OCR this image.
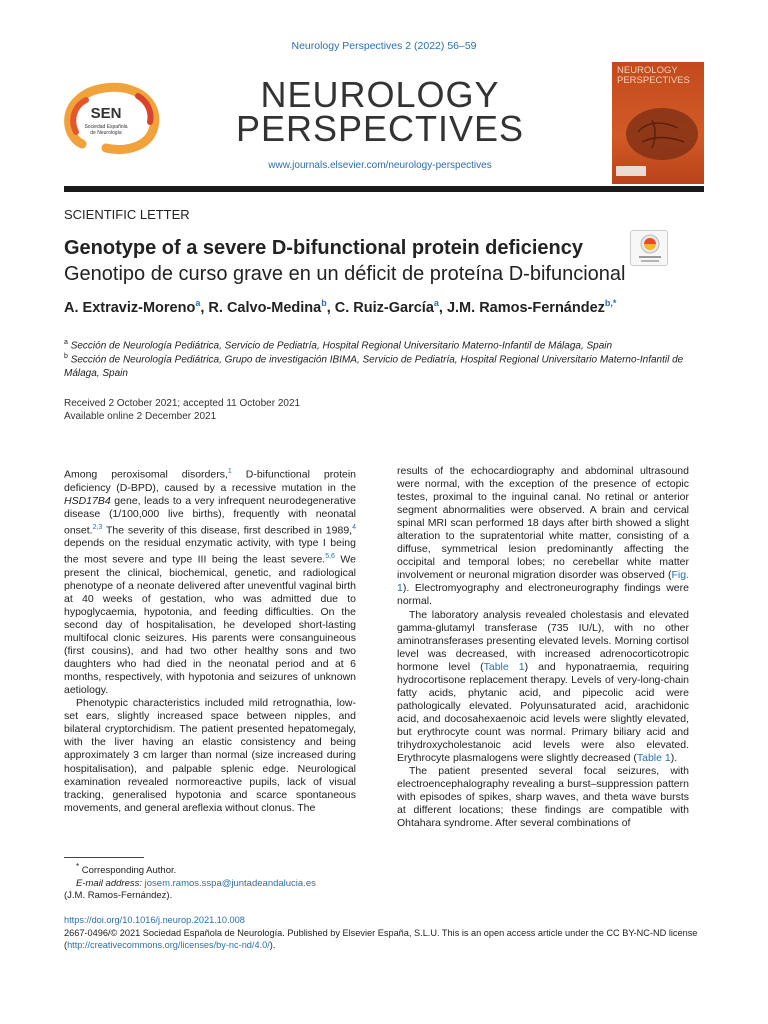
Neurology Perspectives 2 (2022) 56–59
SEN
Sociedad Española
de Neurología
NEUROLOGY
PERSPECTIVES
www.journals.elsevier.com/neurology-perspectives
NEUROLOGY
PERSPECTIVES
SCIENTIFIC LETTER
Genotype of a severe D-bifunctional protein deficiency
Genotipo de curso grave en un déficit de proteína D-bifuncional
A. Extraviz-Moreno$^a$, R. Calvo-Medina$^b$, C. Ruiz-García$^a$, J.M. Ramos-Fernández$^{b,*}$
$^a$ Sección de Neurología Pediátrica, Servicio de Pediatría, Hospital Regional Universitario Materno-Infantil de Málaga, Spain
$^b$ Sección de Neurología Pediátrica, Grupo de investigación IBIMA, Servicio de Pediatría, Hospital Regional Universitario Materno-Infantil de Málaga, Spain
Received 2 October 2021; accepted 11 October 2021
Available online 2 December 2021

Among peroxisomal disorders,$^1$ D-bifunctional protein deficiency (D-BPD), caused by a recessive mutation in the HSD17B4 gene, leads to a very infrequent neurodegenerative disease (1/100,000 live births), frequently with neonatal onset.$^{2,3}$ The severity of this disease, first described in 1989,$^4$ depends on the residual enzymatic activity, with type I being the most severe and type III being the least severe.$^{5,6}$ We present the clinical, biochemical, genetic, and radiological phenotype of a neonate delivered after uneventful vaginal birth at 40 weeks of gestation, who was admitted due to hypoglycaemia, hypotonia, and feeding difficulties. On the second day of hospitalisation, he developed short-lasting multifocal clonic seizures. His parents were consanguineous (first cousins), and had two other healthy sons and two daughters who had died in the neonatal period and at 6 months, respectively, with hypotonia and seizures of unknown aetiology.

Phenotypic characteristics included mild retrognathia, low-set ears, slightly increased space between nipples, and bilateral cryptorchidism. The patient presented hepatomegaly, with the liver having an elastic consistency and being approximately 3 cm larger than normal (size increased during hospitalisation), and palpable splenic edge. Neurological examination revealed normoreactive pupils, lack of visual tracking, generalised hypotonia and scarce spontaneous movements, and general areflexia without clonus. The

results of the echocardiography and abdominal ultrasound were normal, with the exception of the presence of ectopic testes, proximal to the inguinal canal. No retinal or anterior segment abnormalities were observed. A brain and cervical spinal MRI scan performed 18 days after birth showed a slight alteration to the supratentorial white matter, consisting of a diffuse, symmetrical lesion predominantly affecting the occipital and temporal lobes; no cerebellar white matter involvement or neuronal migration disorder was observed (Fig. 1). Electromyography and electroneurography findings were normal.

The laboratory analysis revealed cholestasis and elevated gamma-glutamyl transferase (735 IU/L), with no other aminotransferases presenting elevated levels. Morning cortisol level was decreased, with increased adrenocorticotropic hormone level (Table 1) and hyponatraemia, requiring hydrocortisone replacement therapy. Levels of very-long-chain fatty acids, phytanic acid, and pipecolic acid were pathologically elevated. Polyunsaturated acid, arachidonic acid, and docosahexaenoic acid levels were slightly elevated, but erythrocyte count was normal. Primary biliary acid and trihydroxycholestanoic acid levels were also elevated. Erythrocyte plasmalogens were slightly decreased (Table 1).

The patient presented several focal seizures, with electroencephalography revealing a burst–suppression pattern with episodes of spikes, sharp waves, and theta wave bursts at different locations; these findings are compatible with Ohtahara syndrome. After several combinations of

* Corresponding Author.
E-mail address: josem.ramos.sspa@juntadeandalucia.es
(J.M. Ramos-Fernández).
https://doi.org/10.1016/j.neurop.2021.10.008
2667-0496/© 2021 Sociedad Española de Neurología. Published by Elsevier España, S.L.U. This is an open access article under the CC BY-NC-ND license (http://creativecommons.org/licenses/by-nc-nd/4.0/).
